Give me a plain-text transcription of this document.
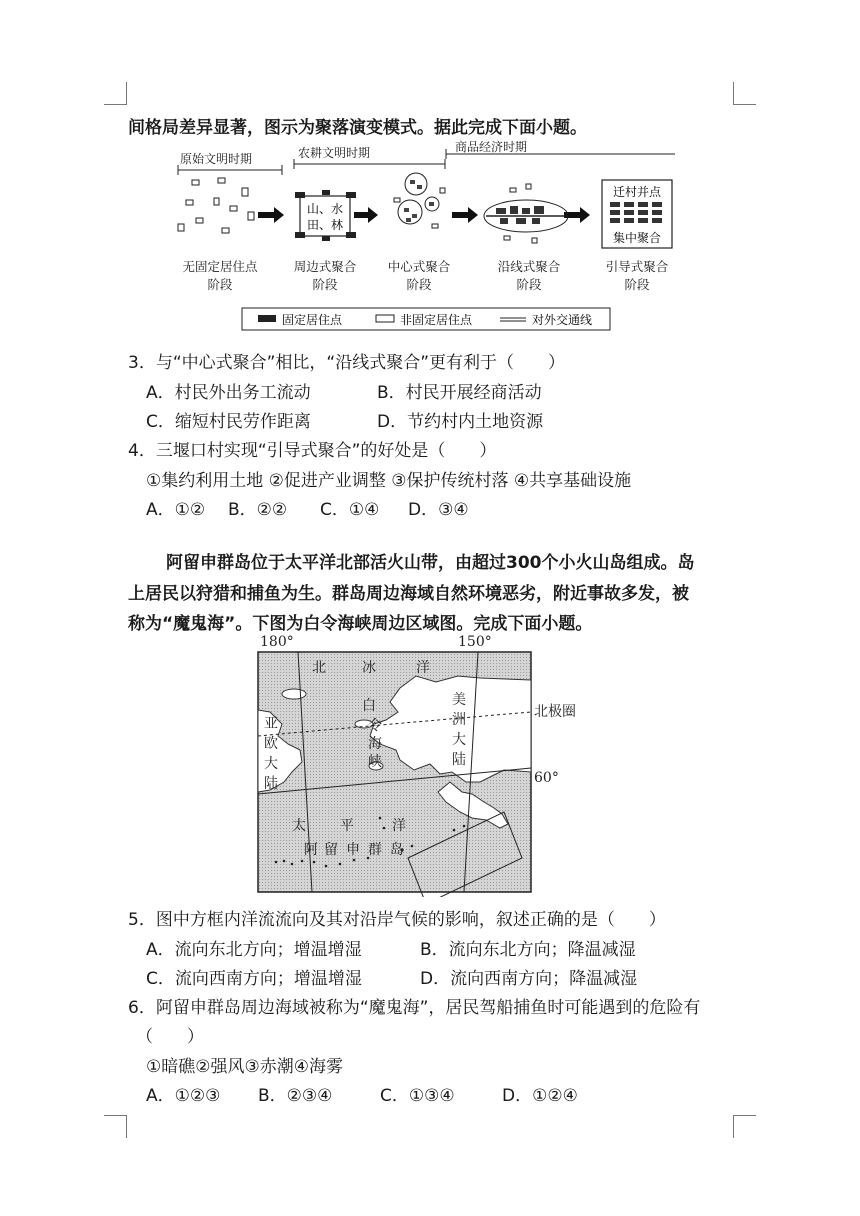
间格局差异显著，图示为聚落演变模式。据此完成下面小题。
原始文明时期	农耕文明时期	商品经济时期
无固定居住点
阶段
周边式聚合
阶段
中心式聚合
阶段
沿线式聚合
阶段
引导式聚合
阶段
山、水
田、林
迁村并点
集中聚合
固定居住点	非固定居住点	对外交通线
3．与“中心式聚合”相比，“沿线式聚合”更有利于（　　）
A．村民外出务工流动	B．村民开展经商活动
C．缩短村民劳作距离	D．节约村内土地资源
4．三堰口村实现“引导式聚合”的好处是（　　）
①集约利用土地 ②促进产业调整 ③保护传统村落 ④共享基础设施
A．①② B．②② C．①④ D．③④
阿留申群岛位于太平洋北部活火山带，由超过300个小火山岛组成。岛
上居民以狩猎和捕鱼为生。群岛周边海域自然环境恶劣，附近事故多发，被
称为“魔鬼海”。下图为白令海峡周边区域图。完成下面小题。
180°	150°
60°
北极圈
北	冰	洋
亚
欧
大
陆
白
令
海
峡
美
洲
大
陆
太 平	洋
阿 留 申 群 岛
5．图中方框内洋流流向及其对沿岸气候的影响，叙述正确的是（　　）
A．流向东北方向；增温增湿	B．流向东北方向；降温减湿
C．流向西南方向；增温增湿	D．流向西南方向；降温减湿
6．阿留申群岛周边海域被称为“魔鬼海”，居民驾船捕鱼时可能遇到的危险有
（　　）
①暗礁②强风③赤潮④海雾
A．①②③ B．②③④	C．①③④	D．①②④
